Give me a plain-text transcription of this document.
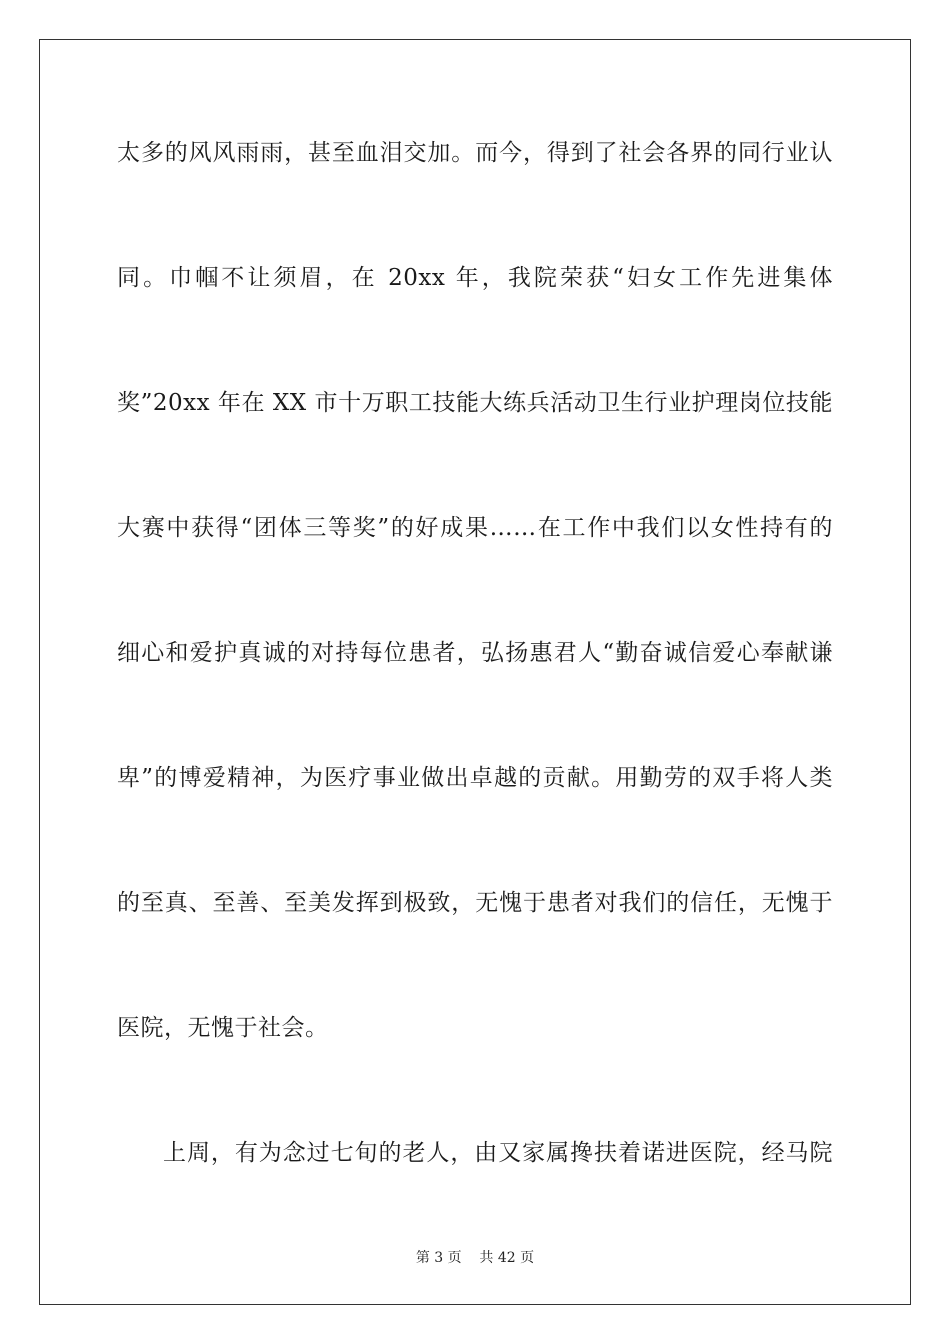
太多的风风雨雨，甚至血泪交加。而今，得到了社会各界的同行业认
同。巾帼不让须眉，在 20xx 年，我院荣获“妇女工作先进集体
奖”20xx 年在 XX 市十万职工技能大练兵活动卫生行业护理岗位技能
大赛中获得“团体三等奖”的好成果……在工作中我们以女性持有的
细心和爱护真诚的对持每位患者，弘扬惠君人“勤奋诚信爱心奉献谦
卑”的博爱精神，为医疗事业做出卓越的贡献。用勤劳的双手将人类
的至真、至善、至美发挥到极致，无愧于患者对我们的信任，无愧于
医院，无愧于社会。
上周，有为念过七旬的老人，由又家属搀扶着诺进医院，经马院
第 3 页    共 42 页
